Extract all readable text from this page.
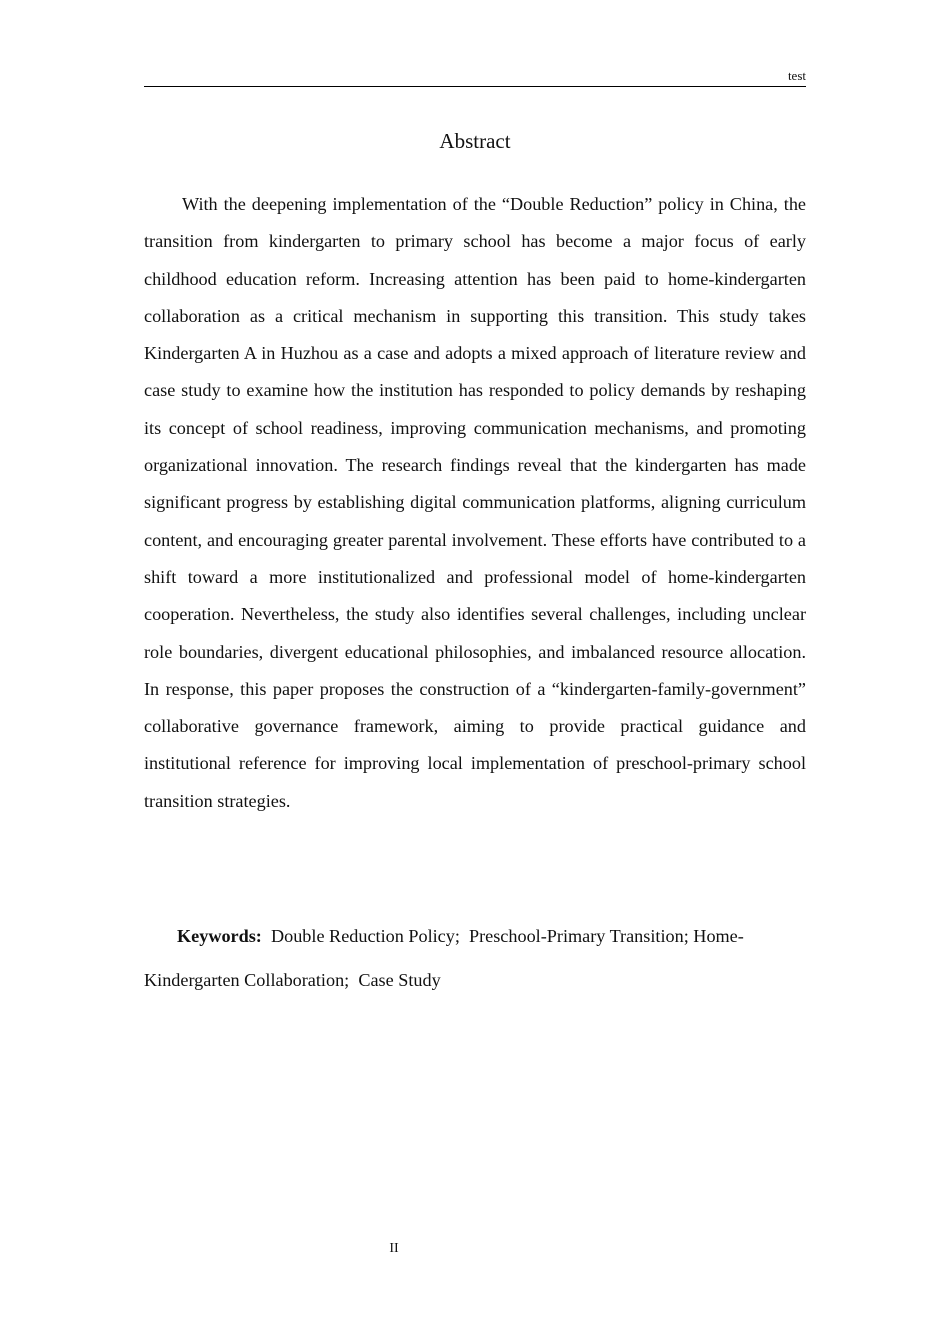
test
Abstract

With the deepening implementation of the “Double Reduction” policy in China, the transition from kindergarten to primary school has become a major focus of early childhood education reform. Increasing attention has been paid to home-kindergarten collaboration as a critical mechanism in supporting this transition. This study takes Kindergarten A in Huzhou as a case and adopts a mixed approach of literature review and case study to examine how the institution has responded to policy demands by reshaping its concept of school readiness, improving communication mechanisms, and promoting organizational innovation. The research findings reveal that the kindergarten has made significant progress by establishing digital communication platforms, aligning curriculum content, and encouraging greater parental involvement. These efforts have contributed to a shift toward a more institutionalized and professional model of home-kindergarten cooperation. Nevertheless, the study also identifies several challenges, including unclear role boundaries, divergent educational philosophies, and imbalanced resource allocation. In response, this paper proposes the construction of a “kindergarten-family-government” collaborative governance framework, aiming to provide practical guidance and institutional reference for improving local implementation of preschool-primary school transition strategies.

Keywords: Double Reduction Policy;  Preschool-Primary Transition; Home-Kindergarten Collaboration;  Case Study

II
